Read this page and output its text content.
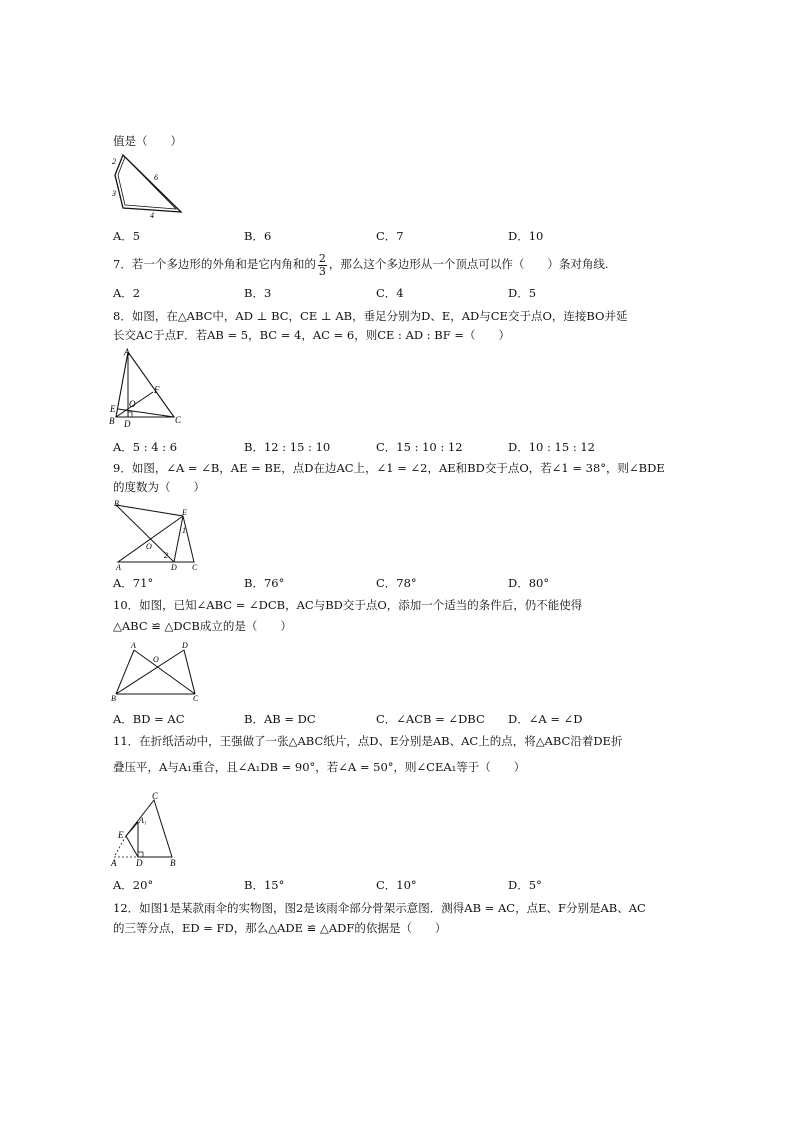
值是（　　）
2
6
3
4
A．5	B．6	C．7	D．10
7．若一个多边形的外角和是它内角和的 $\frac{2}{3}$ ，那么这个多边形从一个顶点可以作（　　）条对角线.
A．2	B．3	C．4	D．5
8．如图，在△ABC中，AD ⊥ BC，CE ⊥ AB，垂足分别为D、E，AD与CE交于点O，连接BO并延
长交AC于点F．若AB = 5，BC = 4，AC = 6，则CE : AD : BF =（　　）
A
E O
F
B D	C
A．5 : 4 : 6	B．12 : 15 : 10	C．15 : 10 : 12	D．10 : 15 : 12
9．如图，∠A = ∠B，AE = BE，点D在边AC上，∠1 = ∠2，AE和BD交于点O，若∠1 = 38°，则∠BDE
的度数为（　　）
B
E
1
O
2
A	D C
A．71°	B．76°	C．78°	D．80°
10．如图，已知∠ABC = ∠DCB，AC与BD交于点O，添加一个适当的条件后，仍不能使得
△ABC ≌ △DCB成立的是（　　）
A
O
D
B	C
A．BD = AC	B．AB = DC	C．∠ACB = ∠DBC D．∠A = ∠D
11．在折纸活动中，王强做了一张△ABC纸片，点D、E分别是AB、AC上的点，将△ABC沿着DE折
叠压平，A与A₁重合，且∠A₁DB = 90°，若∠A = 50°，则∠CEA₁等于（　　）
C
A₁
E
A D	B
A．20°	B．15°	C．10°	D．5°
12．如图1是某款雨伞的实物图，图2是该雨伞部分骨架示意图．测得AB = AC，点E、F分别是AB、AC
的三等分点，ED = FD，那么△ADE ≌ △ADF的依据是（　　）
